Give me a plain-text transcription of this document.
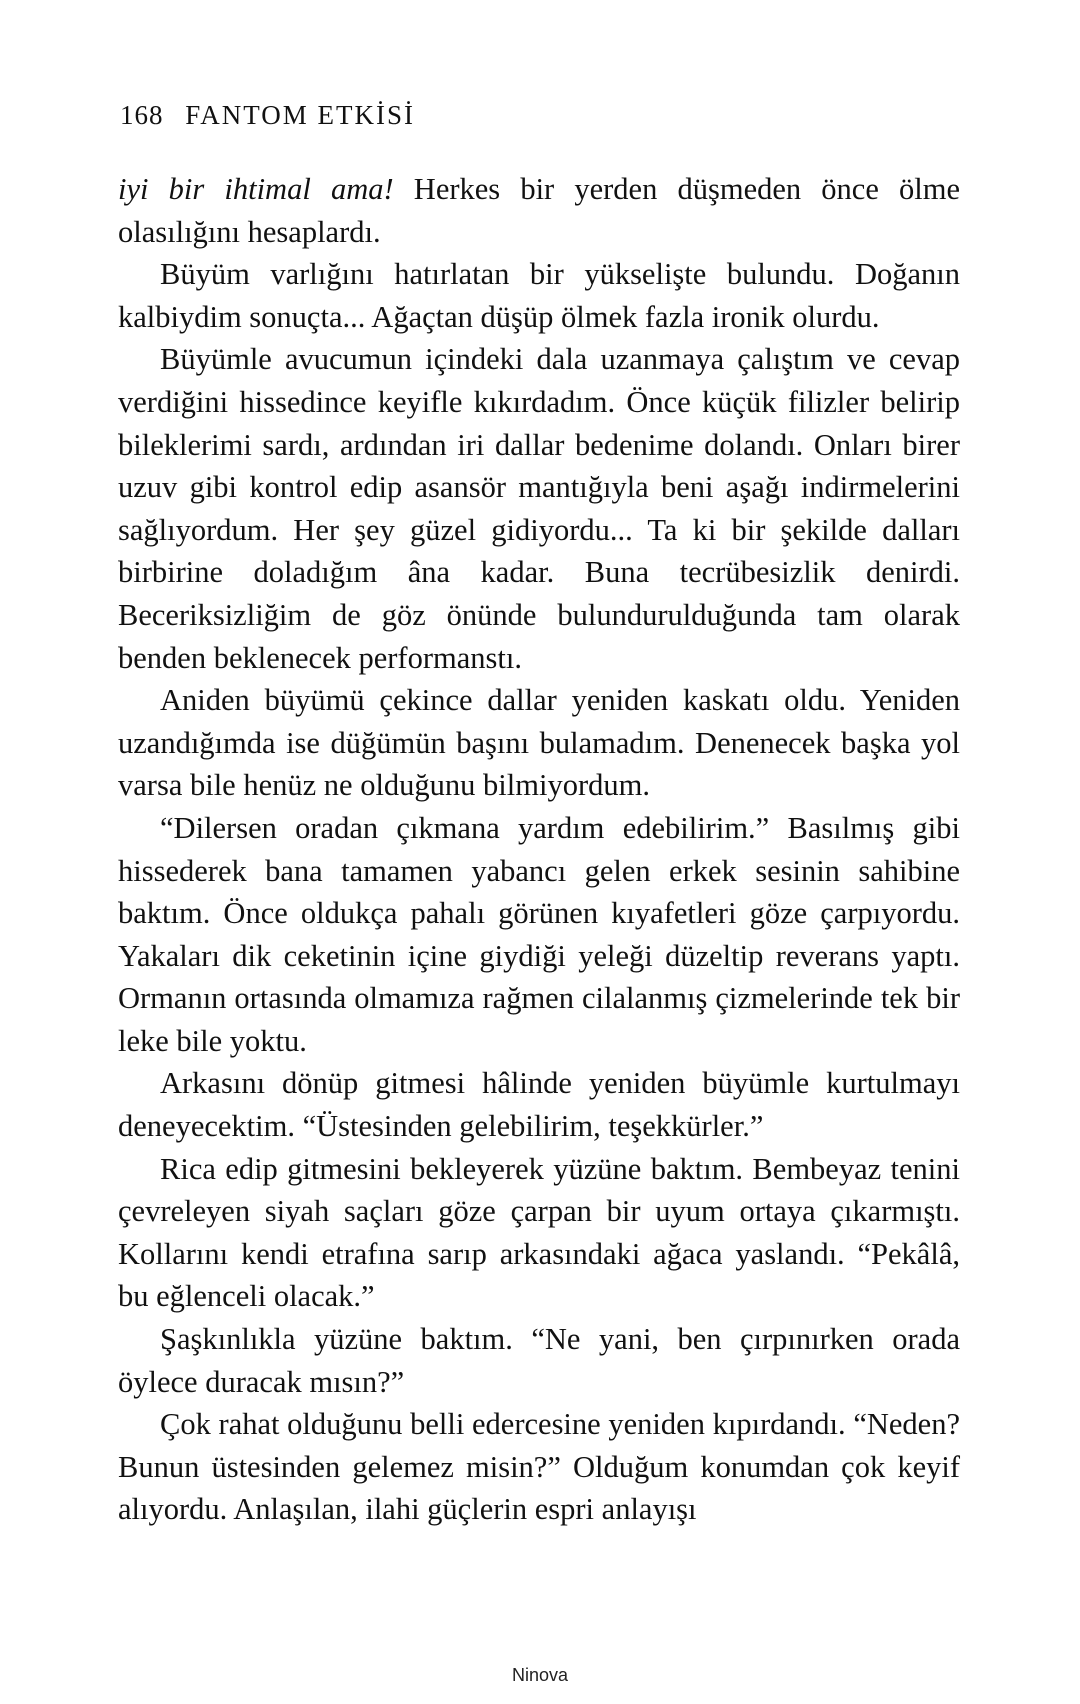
168 FANTOM ETKİSİ

iyi bir ihtimal ama! Herkes bir yerden düşmeden önce ölme olasılığını hesaplardı.

Büyüm varlığını hatırlatan bir yükselişte bulundu. Doğanın kalbiydim sonuçta... Ağaçtan düşüp ölmek fazla ironik olurdu.

Büyümle avucumun içindeki dala uzanmaya çalıştım ve cevap verdiğini hissedince keyifle kıkırdadım. Önce küçük filizler belirip bileklerimi sardı, ardından iri dallar bedenime dolandı. Onları birer uzuv gibi kontrol edip asansör mantığıyla beni aşağı indirmelerini sağlıyordum. Her şey güzel gidiyordu... Ta ki bir şekilde dalları birbirine doladığım âna kadar. Buna tecrübesizlik denirdi. Beceriksizliğim de göz önünde bulundurulduğunda tam olarak benden beklenecek performanstı.

Aniden büyümü çekince dallar yeniden kaskatı oldu. Yeniden uzandığımda ise düğümün başını bulamadım. Denenecek başka yol varsa bile henüz ne olduğunu bilmiyordum.

“Dilersen oradan çıkmana yardım edebilirim.” Basılmış gibi hissederek bana tamamen yabancı gelen erkek sesinin sahibine baktım. Önce oldukça pahalı görünen kıyafetleri göze çarpıyordu. Yakaları dik ceketinin içine giydiği yeleği düzeltip reverans yaptı. Ormanın ortasında olmamıza rağmen cilalanmış çizmelerinde tek bir leke bile yoktu.

Arkasını dönüp gitmesi hâlinde yeniden büyümle kurtulmayı deneyecektim. “Üstesinden gelebilirim, teşekkürler.”

Rica edip gitmesini bekleyerek yüzüne baktım. Bembeyaz tenini çevreleyen siyah saçları göze çarpan bir uyum ortaya çıkarmıştı. Kollarını kendi etrafına sarıp arkasındaki ağaca yaslandı. “Pekâlâ, bu eğlenceli olacak.”

Şaşkınlıkla yüzüne baktım. “Ne yani, ben çırpınırken orada öylece duracak mısın?”

Çok rahat olduğunu belli edercesine yeniden kıpırdandı. “Neden? Bunun üstesinden gelemez misin?” Olduğum konumdan çok keyif alıyordu. Anlaşılan, ilahi güçlerin espri anlayışı

Ninova
